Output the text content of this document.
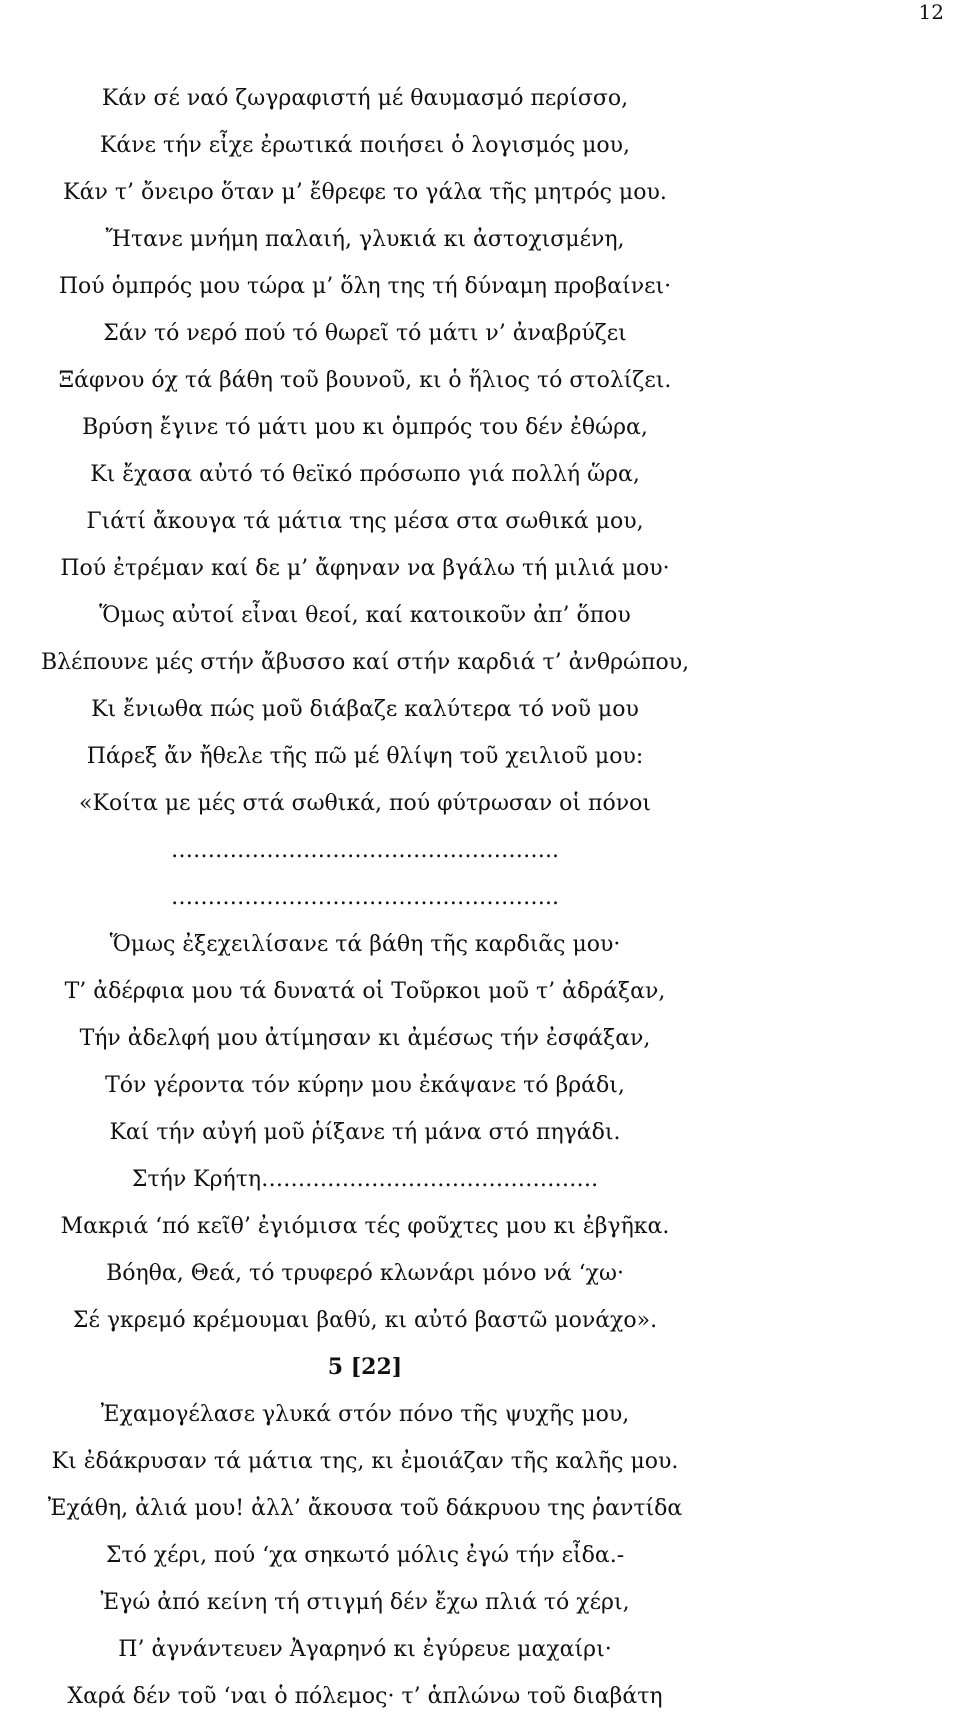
12
Κάν σέ ναό ζωγραφιστή μέ θαυμασμό περίσσο,
Κάνε τήν εἶχε ἐρωτικά ποιήσει ὁ λογισμός μου,
Κάν τ’ ὄνειρο ὅταν μ’ ἔθρεφε το γάλα τῆς μητρός μου.
Ἤτανε μνήμη παλαιή, γλυκιά κι ἀστοχισμένη,
Πού ὁμπρός μου τώρα μ’ ὅλη της τή δύναμη προβαίνει·
Σάν τό νερό πού τό θωρεῖ τό μάτι ν’ ἀναβρύζει
Ξάφνου όχ τά βάθη τοῦ βουνοῦ, κι ὁ ἥλιος τό στολίζει.
Βρύση ἔγινε τό μάτι μου κι ὁμπρός του δέν ἐθώρα,
Κι ἔχασα αὐτό τό θεϊκό πρόσωπο γιά πολλή ὥρα,
Γιάτί ἄκουγα τά μάτια της μέσα στα σωθικά μου,
Πού ἐτρέμαν καί δε μ’ ἄφηναν να βγάλω τή μιλιά μου·
Ὅμως αὐτοί εἶναι θεοί, καί κατοικοῦν ἀπ’ ὅπου
Βλέπουνε μές στήν ἄβυσσο καί στήν καρδιά τ’ ἀνθρώπου,
Κι ἔνιωθα πώς μοῦ διάβαζε καλύτερα τό νοῦ μου
Πάρεξ ἄν ἤθελε τῆς πῶ μέ θλίψη τοῦ χειλιοῦ μου:
«Κοίτα με μές στά σωθικά, πού φύτρωσαν οἱ πόνοι
……………………………………………..
……………………………………………..
Ὅμως ἐξεχειλίσανε τά βάθη τῆς καρδιᾶς μου·
Τ’ ἀδέρφια μου τά δυνατά οἱ Τοῦρκοι μοῦ τ’ ἀδράξαν,
Τήν ἀδελφή μου ἀτίμησαν κι ἀμέσως τήν ἐσφάξαν,
Τόν γέροντα τόν κύρην μου ἐκάψανε τό βράδι,
Καί τήν αὐγή μοῦ ῥίξανε τή μάνα στό πηγάδι.
Στήν Κρήτη……………………………………….
Μακριά ‘πό κεῖθ’ ἐγιόμισα τές φοῦχτες μου κι ἐβγῆκα.
Βόηθα, Θεά, τό τρυφερό κλωνάρι μόνο νά ‘χω·
Σέ γκρεμό κρέμουμαι βαθύ, κι αὐτό βαστῶ μονάχο».
5 [22]
Ἐχαμογέλασε γλυκά στόν πόνο τῆς ψυχῆς μου,
Κι ἐδάκρυσαν τά μάτια της, κι ἐμοιάζαν τῆς καλῆς μου.
Ἐχάθη, ἀλιά μου! ἀλλ’ ἄκουσα τοῦ δάκρυου της ῥαντίδα
Στό χέρι, πού ‘χα σηκωτό μόλις ἐγώ τήν εἶδα.-
Ἐγώ ἀπό κείνη τή στιγμή δέν ἔχω πλιά τό χέρι,
Π’ ἀγνάντευεν Ἀγαρηνό κι ἐγύρευε μαχαίρι·
Χαρά δέν τοῦ ‘ναι ὁ πόλεμος· τ’ ἁπλώνω τοῦ διαβάτη
